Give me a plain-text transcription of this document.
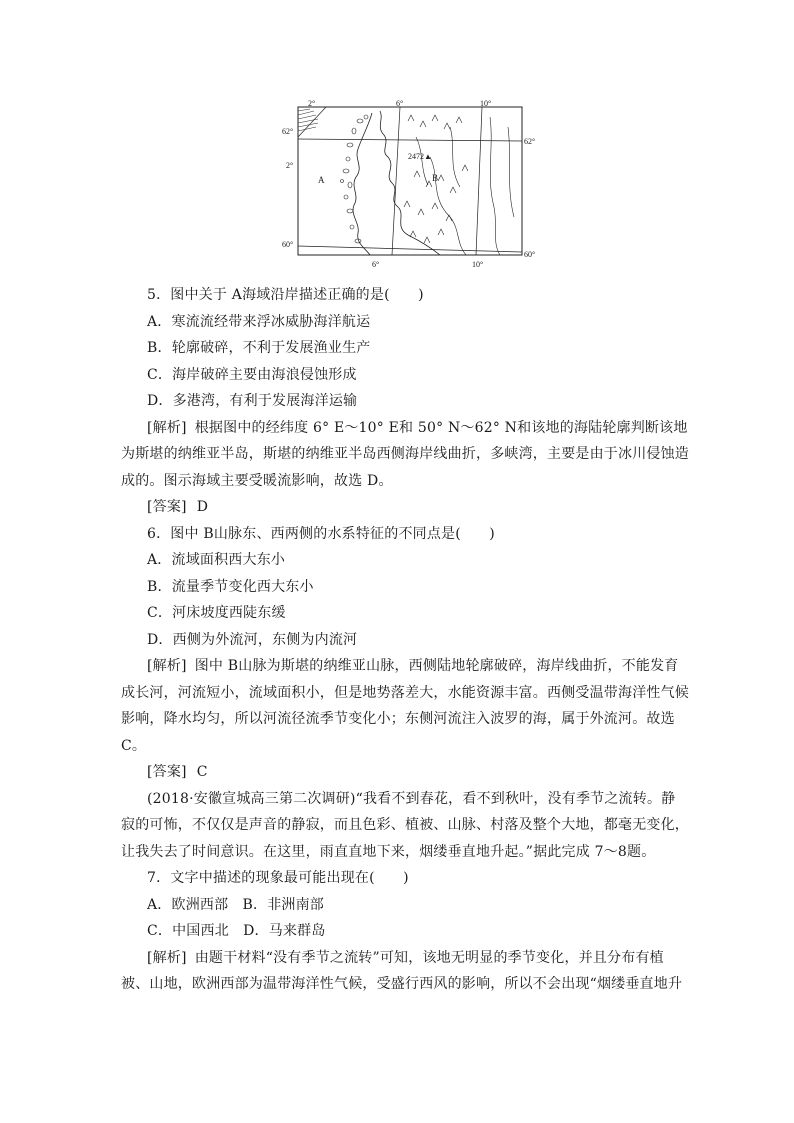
2°	6°	10°
62°
2°
62°
60°
60°
6°	10°
A	B
2472▲
5．图中关于 A海域沿岸描述正确的是(　　)
A．寒流流经带来浮冰威胁海洋航运
B．轮廓破碎，不利于发展渔业生产
C．海岸破碎主要由海浪侵蚀形成
D．多港湾，有利于发展海洋运输
[解析] 根据图中的经纬度 6° E～10° E和 50° N～62° N和该地的海陆轮廓判断该地
为斯堪的纳维亚半岛，斯堪的纳维亚半岛西侧海岸线曲折，多峡湾，主要是由于冰川侵蚀造
成的。图示海域主要受暖流影响，故选 D。
[答案] D
6．图中 B山脉东、西两侧的水系特征的不同点是(　　)
A．流域面积西大东小
B．流量季节变化西大东小
C．河床坡度西陡东缓
D．西侧为外流河，东侧为内流河
[解析] 图中 B山脉为斯堪的纳维亚山脉，西侧陆地轮廓破碎，海岸线曲折，不能发育
成长河，河流短小，流域面积小，但是地势落差大，水能资源丰富。西侧受温带海洋性气候
影响，降水均匀，所以河流径流季节变化小；东侧河流注入波罗的海，属于外流河。故选
C。
[答案] C
(2018·安徽宣城高三第二次调研)“我看不到春花，看不到秋叶，没有季节之流转。静
寂的可怖，不仅仅是声音的静寂，而且色彩、植被、山脉、村落及整个大地，都毫无变化，
让我失去了时间意识。在这里，雨直直地下来，烟缕垂直地升起。”据此完成 7～8题。
7．文字中描述的现象最可能出现在(　　)
A．欧洲西部　B．非洲南部
C．中国西北　D．马来群岛
[解析] 由题干材料“没有季节之流转”可知，该地无明显的季节变化，并且分布有植
被、山地，欧洲西部为温带海洋性气候，受盛行西风的影响，所以不会出现“烟缕垂直地升
